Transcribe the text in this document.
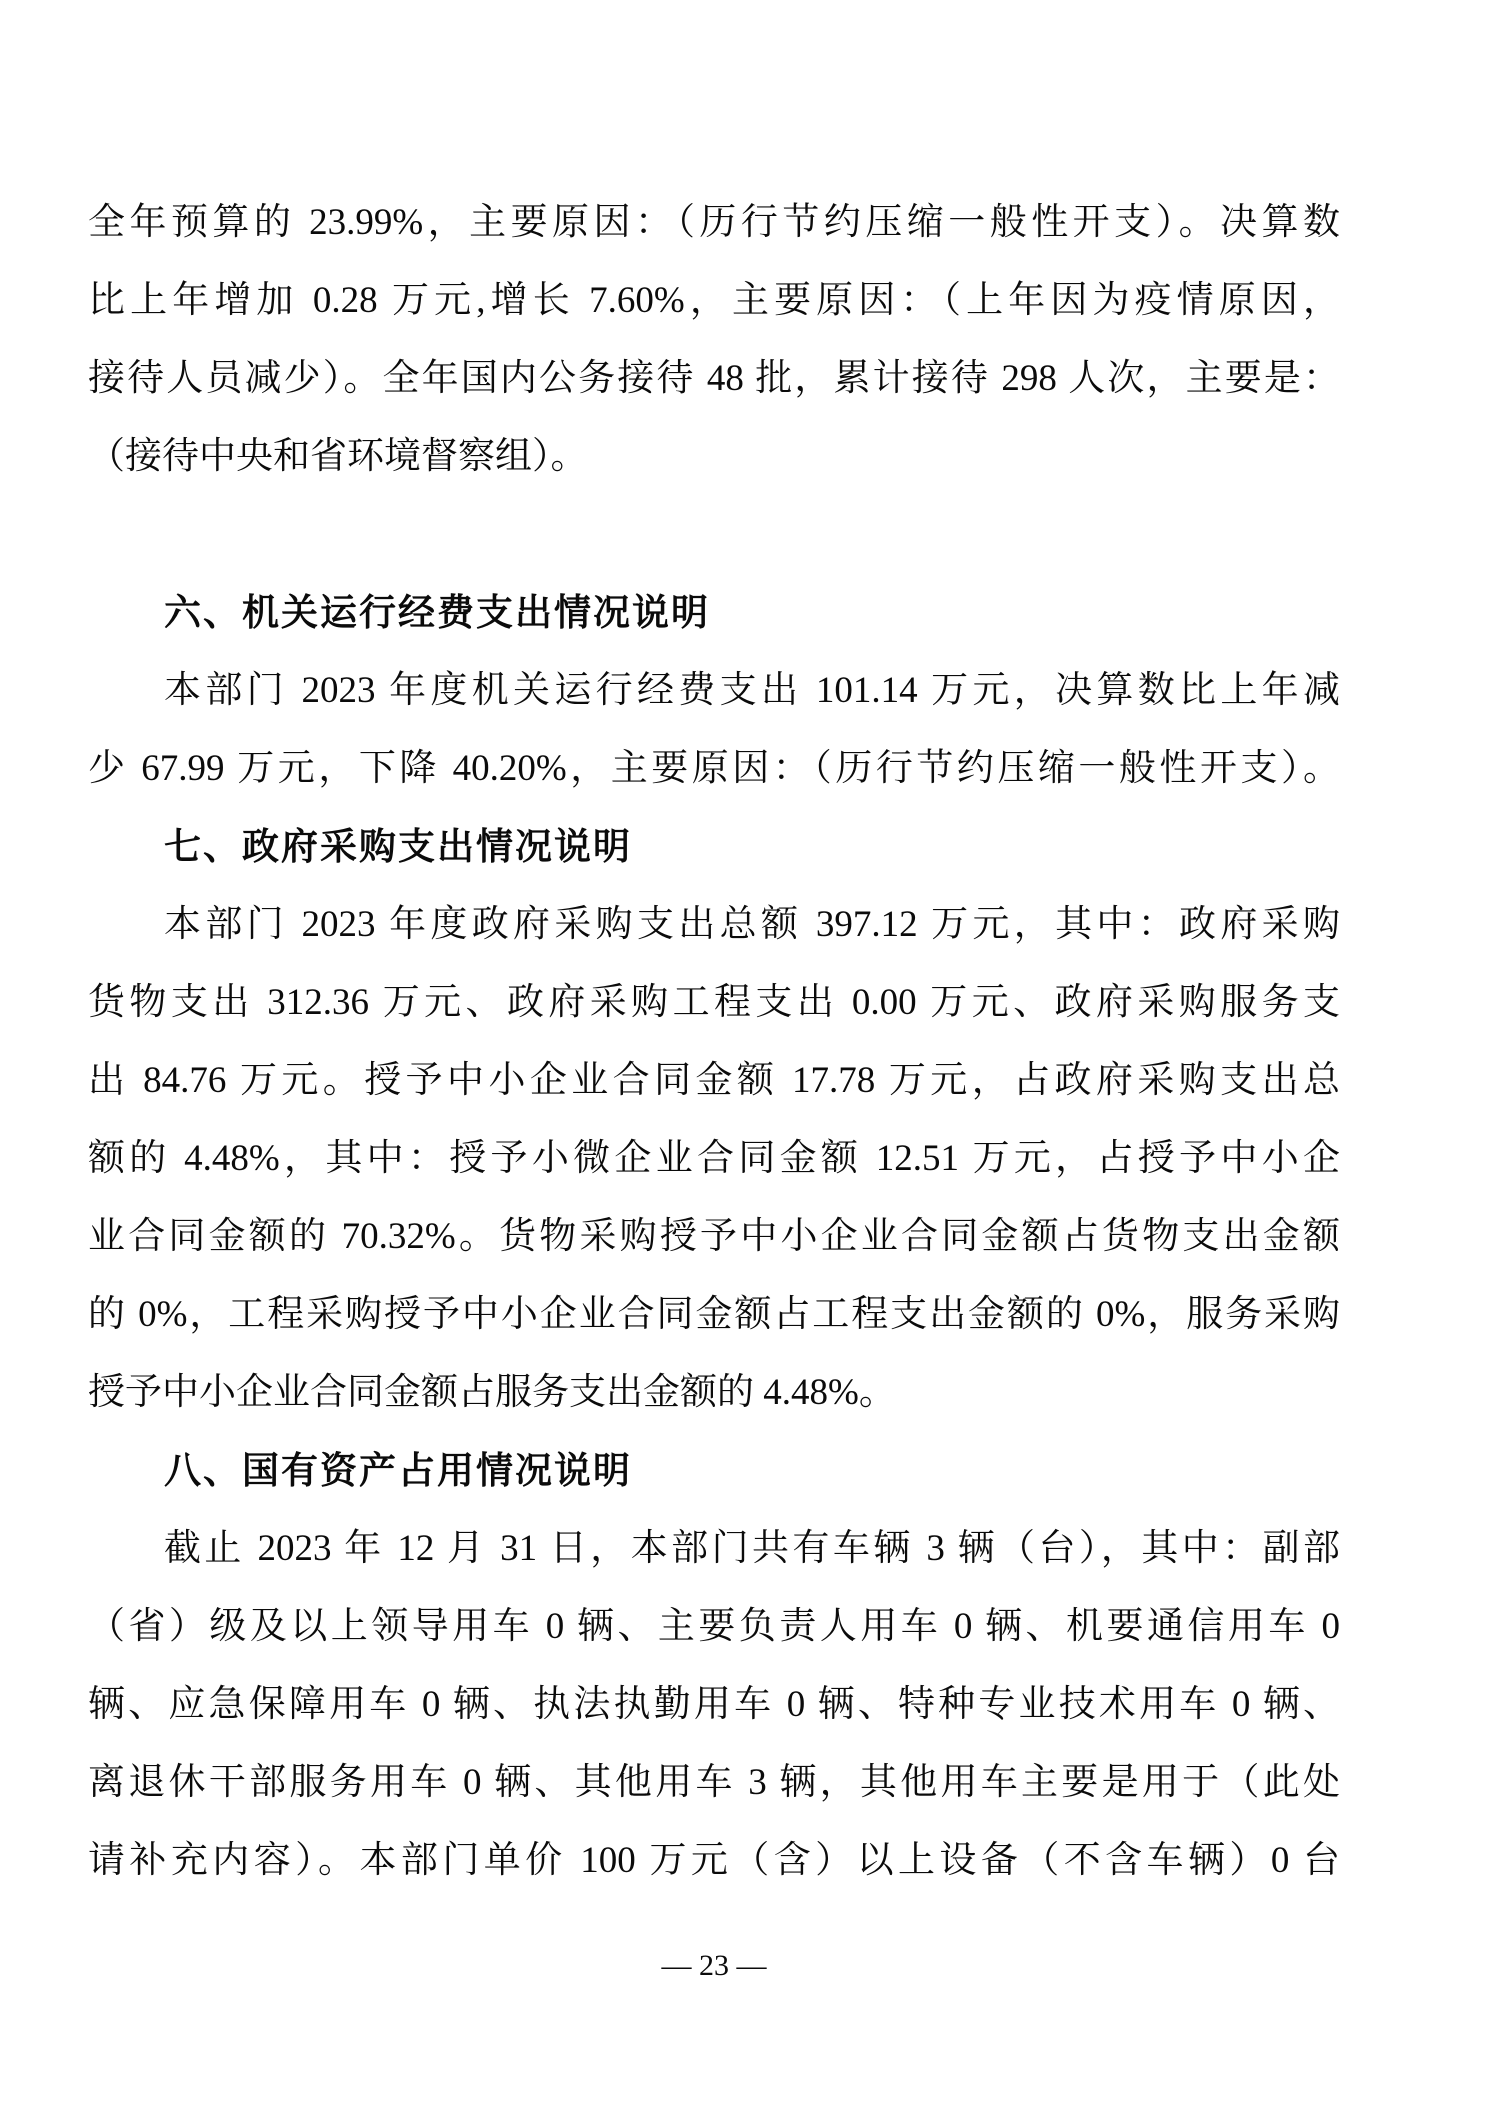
全年预算的 23.99%，主要原因：（历行节约压缩一般性开支）。决算数
比上年增加 0.28 万元,增长 7.60%，主要原因：（上年因为疫情原因，
接待人员减少）。全年国内公务接待 48 批，累计接待 298 人次，主要是：
（接待中央和省环境督察组）。
六、机关运行经费支出情况说明
本部门 2023 年度机关运行经费支出 101.14 万元，决算数比上年减
少 67.99 万元，下降 40.20%，主要原因：（历行节约压缩一般性开支）。
七、政府采购支出情况说明
本部门 2023 年度政府采购支出总额 397.12 万元，其中：政府采购
货物支出 312.36 万元、政府采购工程支出 0.00 万元、政府采购服务支
出 84.76 万元。授予中小企业合同金额 17.78 万元，占政府采购支出总
额的 4.48%，其中：授予小微企业合同金额 12.51 万元，占授予中小企
业合同金额的 70.32%。货物采购授予中小企业合同金额占货物支出金额
的 0%，工程采购授予中小企业合同金额占工程支出金额的 0%，服务采购
授予中小企业合同金额占服务支出金额的 4.48%。
八、国有资产占用情况说明
截止 2023 年 12 月 31 日，本部门共有车辆 3 辆（台），其中：副部
（省）级及以上领导用车 0 辆、主要负责人用车 0 辆、机要通信用车 0
辆、应急保障用车 0 辆、执法执勤用车 0 辆、特种专业技术用车 0 辆、
离退休干部服务用车 0 辆、其他用车 3 辆，其他用车主要是用于（此处
请补充内容）。本部门单价 100 万元（含）以上设备（不含车辆）0 台
— 23 —
